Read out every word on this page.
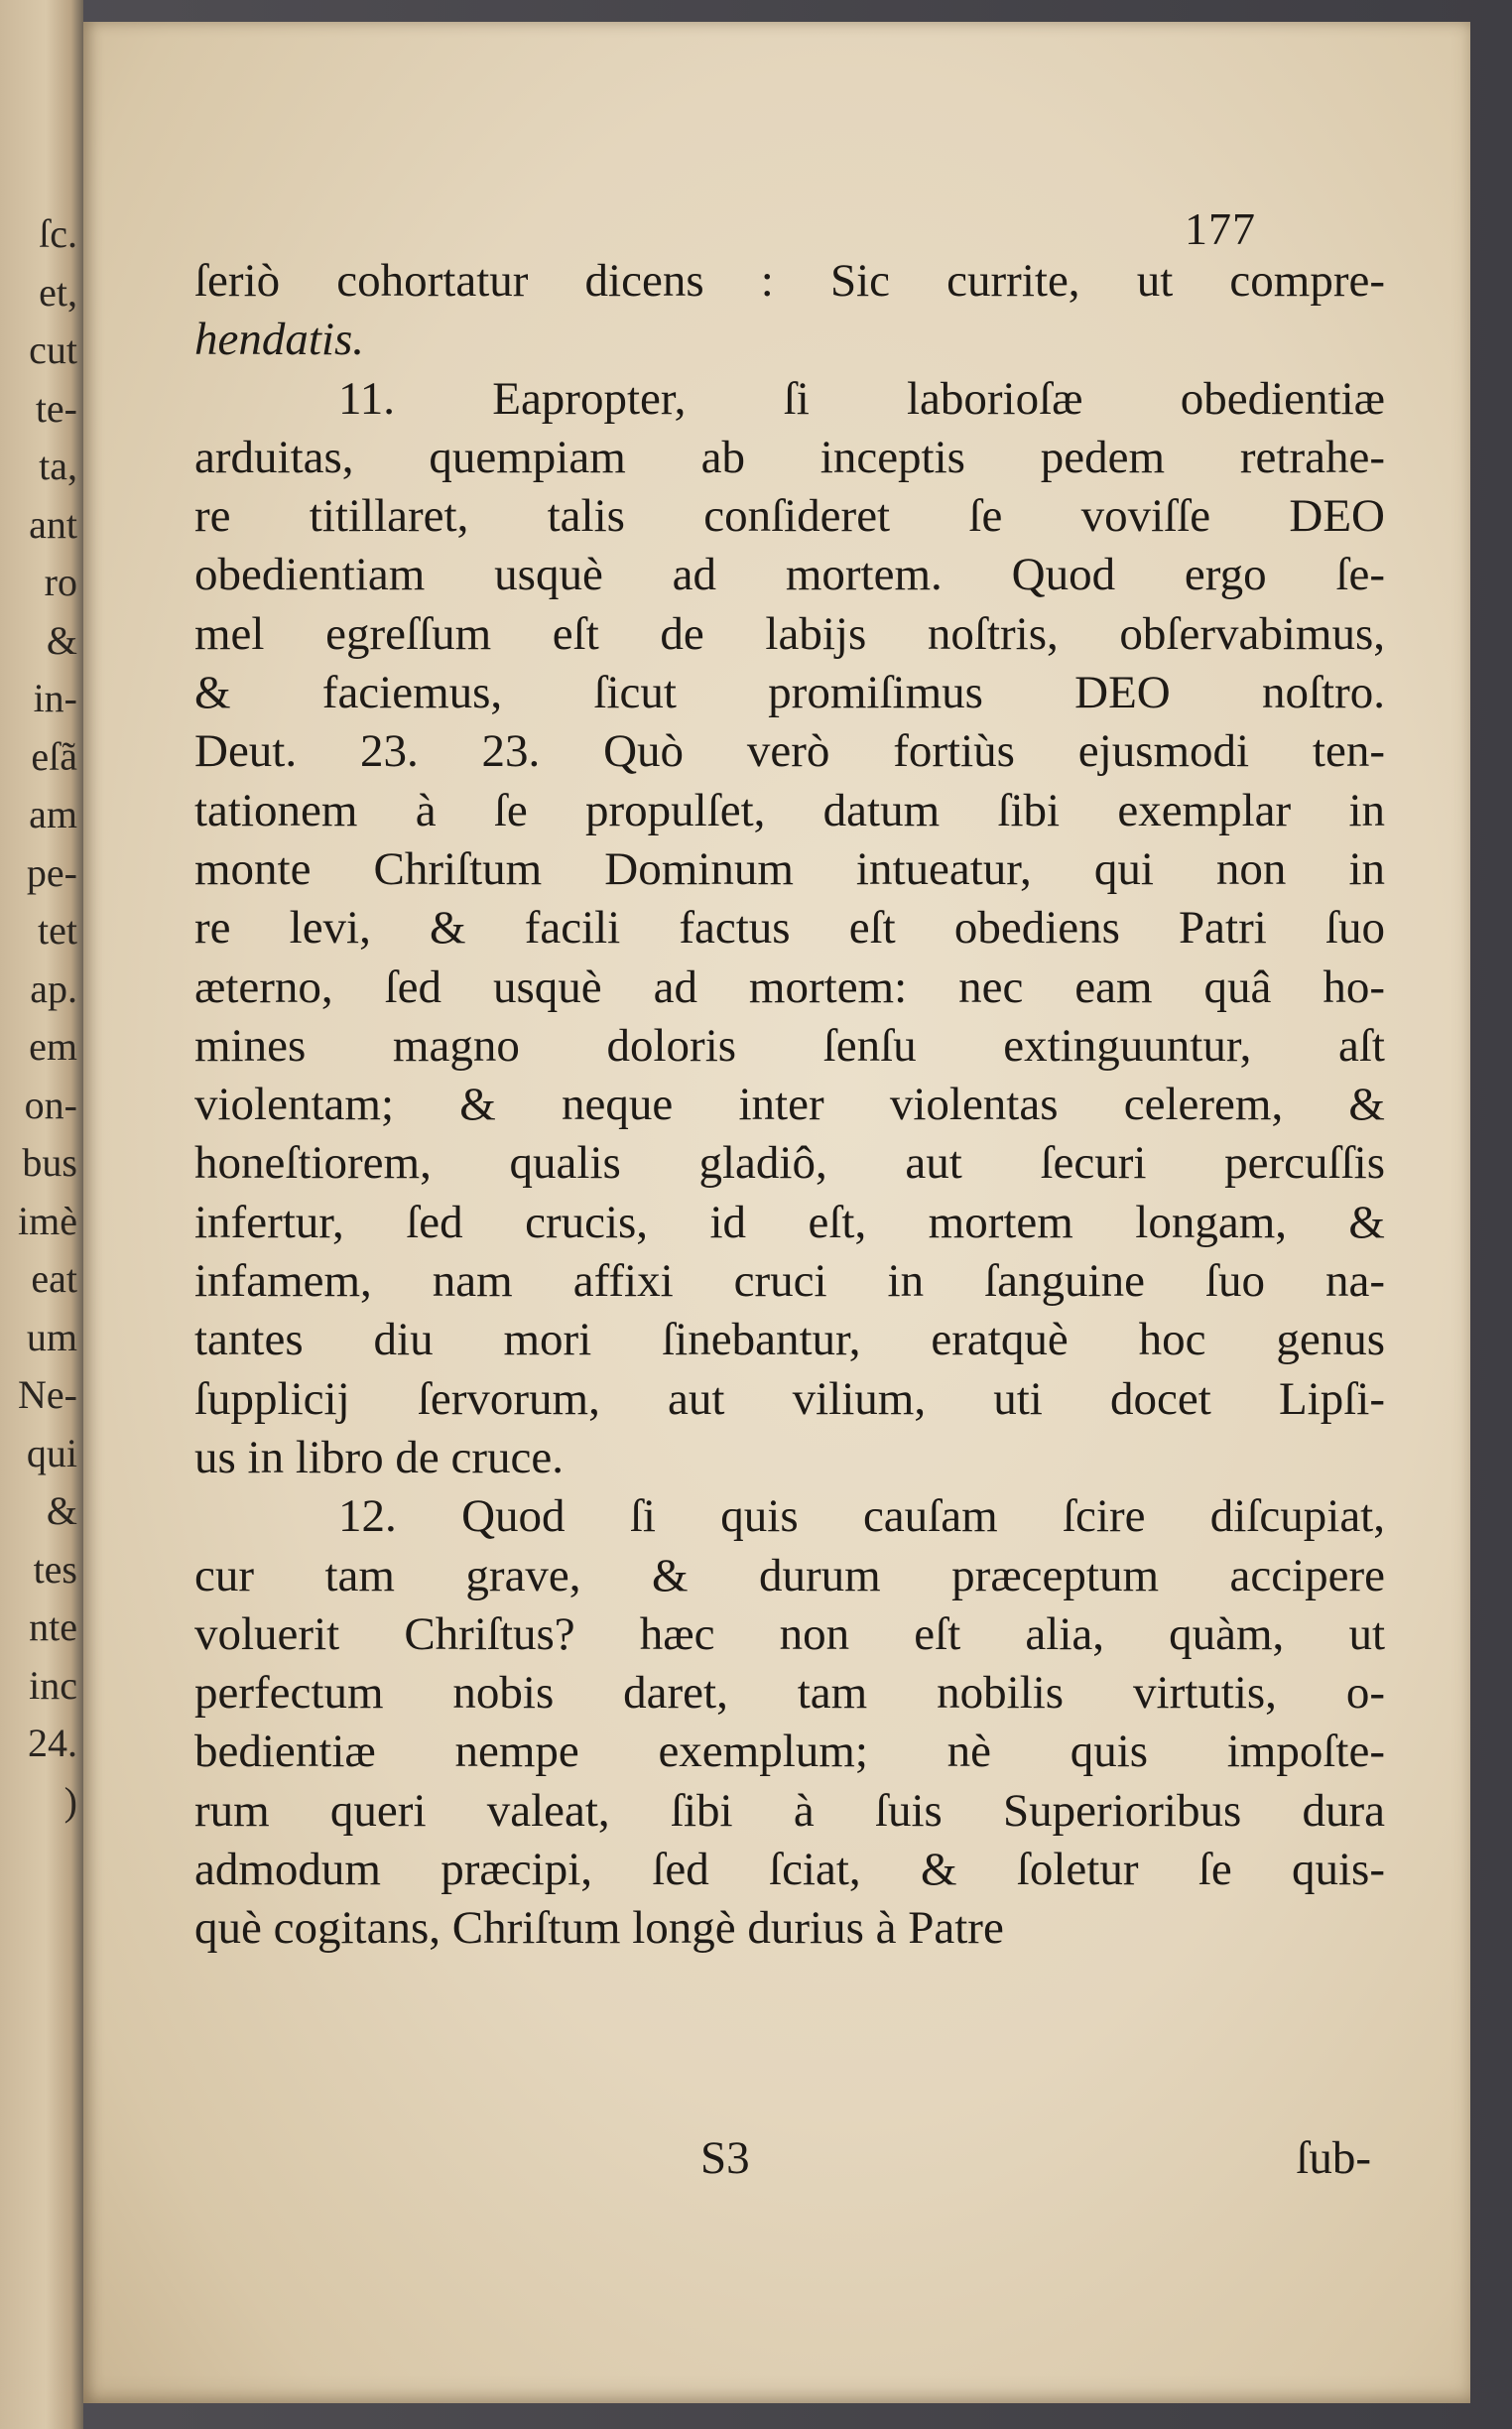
ſc.
et,
cut
te-
ta,
ant
ro
&
in-
eſã
am
pe-
tet
ap.
em
on-
bus
imè
eat
um
Ne-
qui
&
tes
nte
inc
24.
)
177
ſeriò cohortatur dicens : Sic currite, ut compre-
hendatis.
11. Eapropter, ſi laborioſæ obedientiæ
arduitas, quempiam ab inceptis pedem retrahe-
re titillaret, talis conſideret ſe voviſſe DEO
obedientiam usquè ad mortem. Quod ergo ſe-
mel egreſſum eſt de labijs noſtris, obſervabimus,
& faciemus, ſicut promiſimus DEO noſtro.
Deut. 23. 23. Quò verò fortiùs ejusmodi ten-
tationem à ſe propulſet, datum ſibi exemplar in
monte Chriſtum Dominum intueatur, qui non in
re levi, & facili factus eſt obediens Patri ſuo
æterno, ſed usquè ad mortem: nec eam quâ ho-
mines magno doloris ſenſu extinguuntur, aſt
violentam; & neque inter violentas celerem, &
honeſtiorem, qualis gladiô, aut ſecuri percuſſis
infertur, ſed crucis, id eſt, mortem longam, &
infamem, nam affixi cruci in ſanguine ſuo na-
tantes diu mori ſinebantur, eratquè hoc genus
ſupplicij ſervorum, aut vilium, uti docet Lipſi-
us in libro de cruce.
12. Quod ſi quis cauſam ſcire diſcupiat,
cur tam grave, & durum præceptum accipere
voluerit Chriſtus? hæc non eſt alia, quàm, ut
perfectum nobis daret, tam nobilis virtutis, o-
bedientiæ nempe exemplum; nè quis impoſte-
rum queri valeat, ſibi à ſuis Superioribus dura
admodum præcipi, ſed ſciat, & ſoletur ſe quis-
què cogitans, Chriſtum longè durius à Patre
S3	ſub-
